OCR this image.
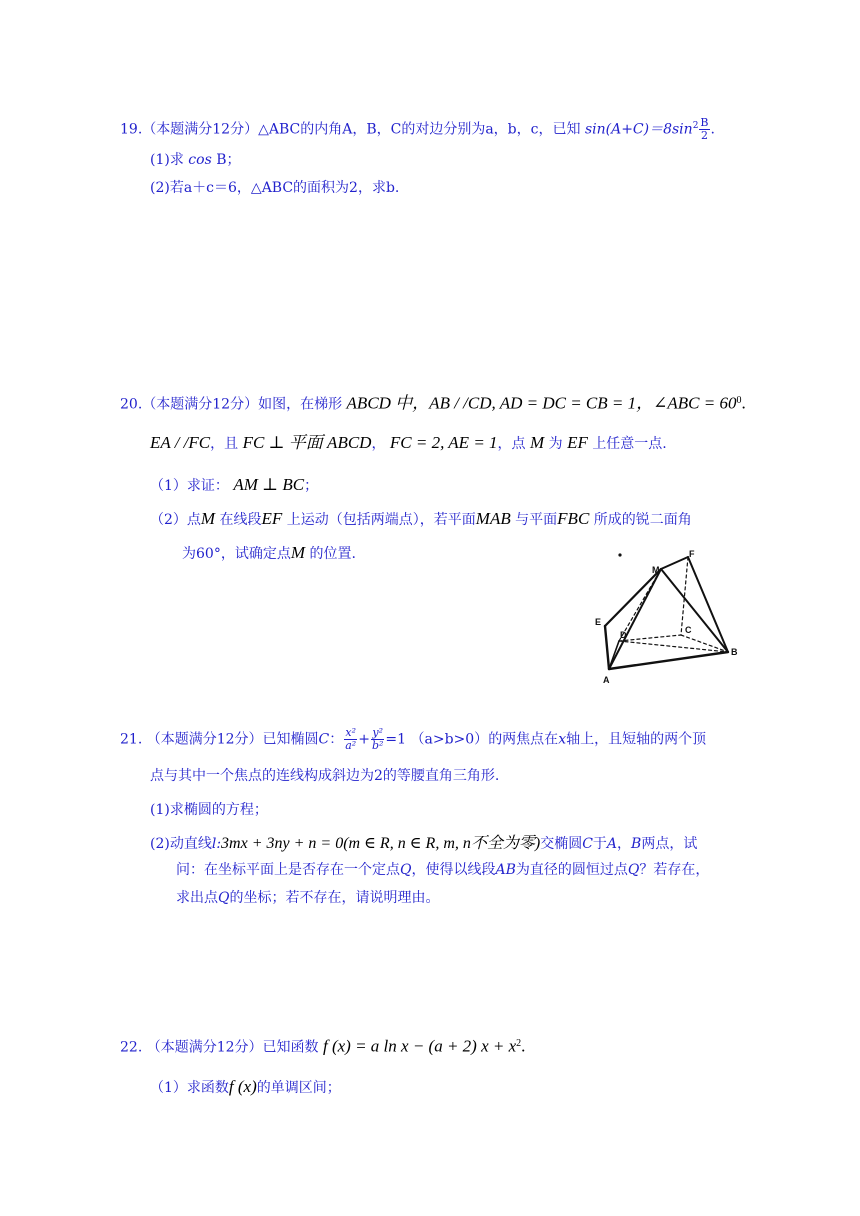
19.（本题满分12分）△ABC的内角A，B，C的对边分别为a，b，c，已知 $\sin(A+C)=8\sin^2 \frac{B}{2}$ .
(1)求 cos B；
(2)若a＋c＝6，△ABC的面积为2，求b.
20.（本题满分12分）如图，在梯形 ABCD 中，AB / /CD, AD = DC = CB = 1，∠ABC = $60^0$.
EA / /FC，且 FC ⊥ 平面 ABCD， FC = 2, AE = 1，点 M 为 EF 上任意一点.
（1）求证： AM ⊥ BC；
（2）点M 在线段EF 上运动（包括两端点），若平面MAB 与平面FBC 所成的锐二面角
为60°，试确定点M 的位置.	F
M
E
D	C
B
A
21. （本题满分12分）已知椭圆C： $\frac{\text{x²}}{\text{a²}} + \frac{\text{y²}}{\text{b²}} =1$ （a>b>0）的两焦点在x轴上，且短轴的两个顶
点与其中一个焦点的连线构成斜边为2的等腰直角三角形.
(1)求椭圆的方程；
(2)动直线l:3mx + 3ny + n = 0(m ∈ R, n ∈ R, m, n不全为零)交椭圆C于A，B两点，试
问：在坐标平面上是否存在一个定点Q，使得以线段AB为直径的圆恒过点Q？若存在，
求出点Q的坐标；若不存在，请说明理由。
22. （本题满分12分）已知函数 f (x) = a ln x − (a + 2) $x + x^2$.
（1）求函数f (x)的单调区间；
